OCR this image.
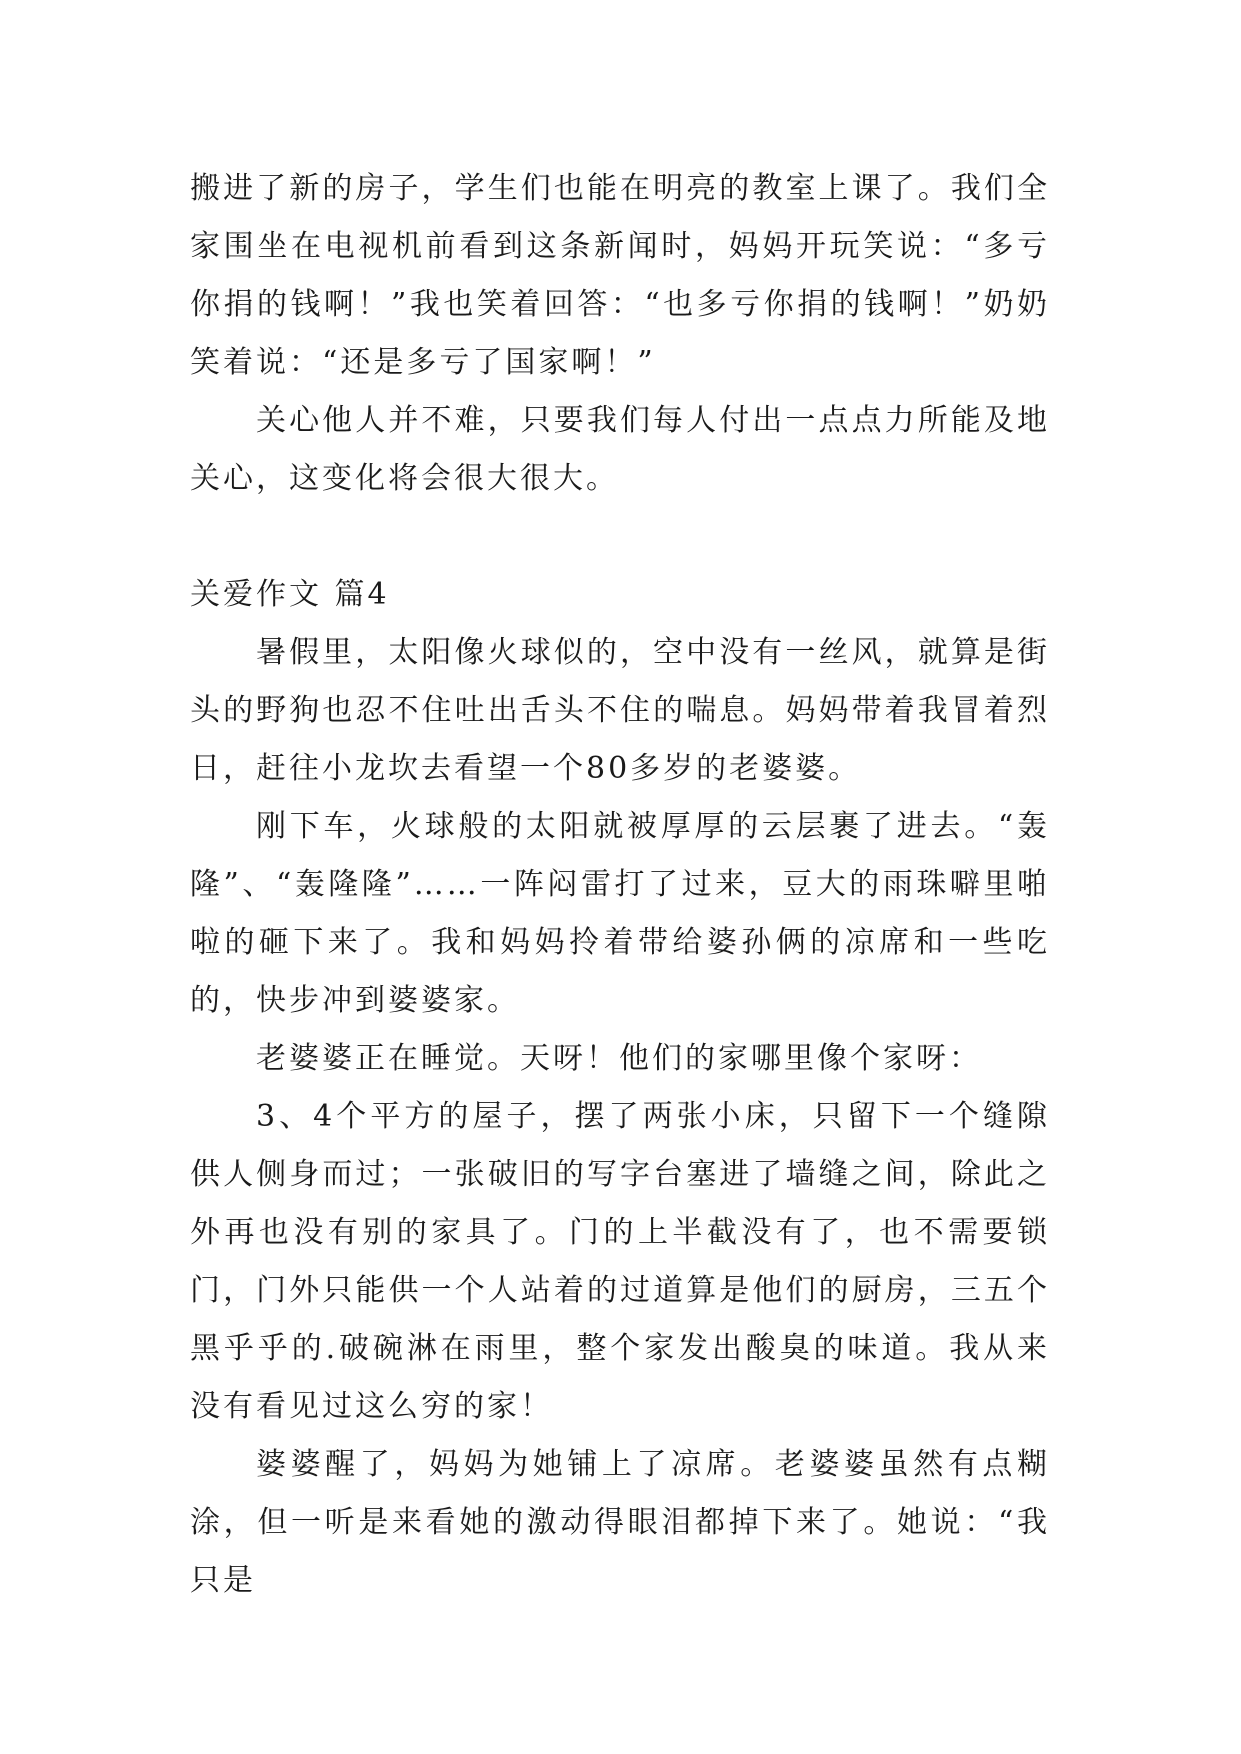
搬进了新的房子，学生们也能在明亮的教室上课了。我们全家围坐在电视机前看到这条新闻时，妈妈开玩笑说：“多亏你捐的钱啊！”我也笑着回答：“也多亏你捐的钱啊！”奶奶笑着说：“还是多亏了国家啊！”

关心他人并不难，只要我们每人付出一点点力所能及地关心，这变化将会很大很大。

关爱作文 篇4

暑假里，太阳像火球似的，空中没有一丝风，就算是街头的野狗也忍不住吐出舌头不住的喘息。妈妈带着我冒着烈日，赶往小龙坎去看望一个80多岁的老婆婆。

刚下车，火球般的太阳就被厚厚的云层裹了进去。“轰隆”、“轰隆隆”……一阵闷雷打了过来，豆大的雨珠噼里啪啦的砸下来了。我和妈妈拎着带给婆孙俩的凉席和一些吃的，快步冲到婆婆家。

老婆婆正在睡觉。天呀！他们的家哪里像个家呀：

3、4个平方的屋子，摆了两张小床，只留下一个缝隙供人侧身而过；一张破旧的写字台塞进了墙缝之间，除此之外再也没有别的家具了。门的上半截没有了，也不需要锁门，门外只能供一个人站着的过道算是他们的厨房，三五个黑乎乎的.破碗淋在雨里，整个家发出酸臭的味道。我从来没有看见过这么穷的家！

婆婆醒了，妈妈为她铺上了凉席。老婆婆虽然有点糊涂，但一听是来看她的激动得眼泪都掉下来了。她说：“我只是
